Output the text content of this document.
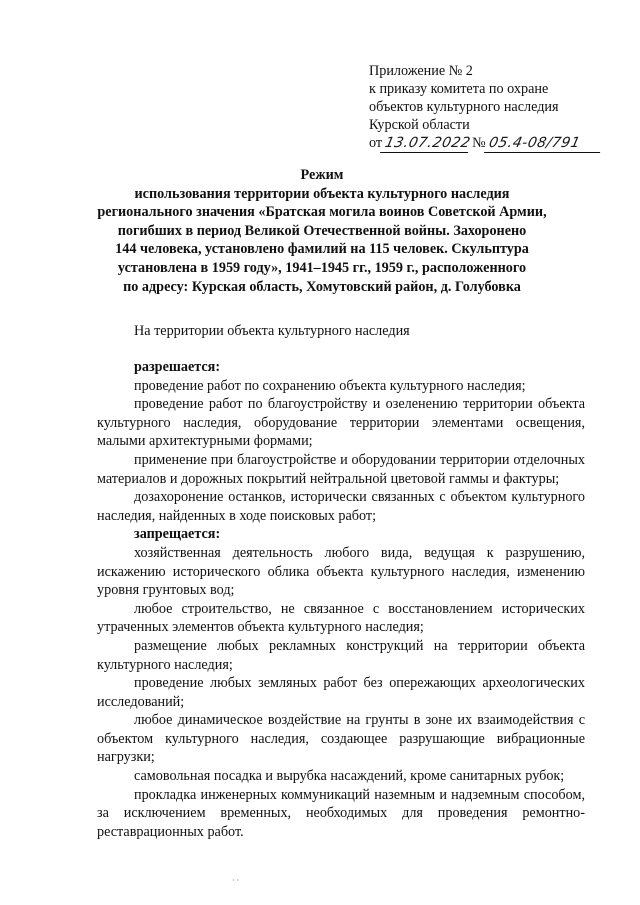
Приложение № 2
к приказу комитета по охране
объектов культурного наследия
Курской области
от 13.07.2022 № 05.4-08/791
Режим
использования территории объекта культурного наследия
регионального значения «Братская могила воинов Советской Армии,
погибших в период Великой Отечественной войны. Захоронено
144 человека, установлено фамилий на 115 человек. Скульптура
установлена в 1959 году», 1941–1945 гг., 1959 г., расположенного
по адресу: Курская область, Хомутовский район, д. Голубовка

На территории объекта культурного наследия

разрешается:

проведение работ по сохранению объекта культурного наследия;

проведение работ по благоустройству и озеленению территории объекта культурного наследия, оборудование территории элементами освещения, малыми архитектурными формами;

применение при благоустройстве и оборудовании территории отделочных материалов и дорожных покрытий нейтральной цветовой гаммы и фактуры;

дозахоронение останков, исторически связанных с объектом культурного наследия, найденных в ходе поисковых работ;

запрещается:

хозяйственная деятельность любого вида, ведущая к разрушению, искажению исторического облика объекта культурного наследия, изменению уровня грунтовых вод;

любое строительство, не связанное с восстановлением исторических утраченных элементов объекта культурного наследия;

размещение любых рекламных конструкций на территории объекта культурного наследия;

проведение любых земляных работ без опережающих археологических исследований;

любое динамическое воздействие на грунты в зоне их взаимодействия с объектом культурного наследия, создающее разрушающие вибрационные нагрузки;

самовольная посадка и вырубка насаждений, кроме санитарных рубок;

прокладка инженерных коммуникаций наземным и надземным способом, за исключением временных, необходимых для проведения ремонтно-реставрационных работ.

· ·
